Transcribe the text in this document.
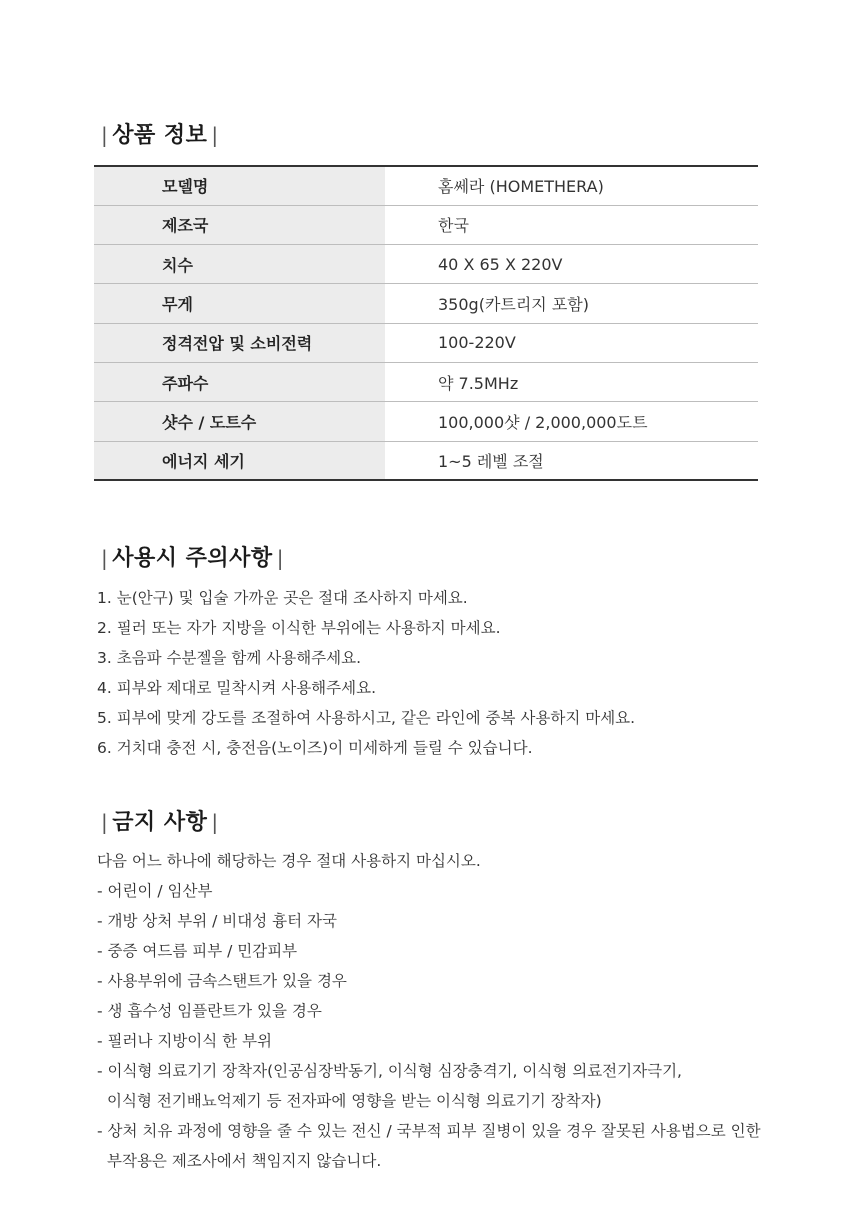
| 상품 정보 |
모델명	홈쎄라 (HOMETHERA)
제조국	한국
치수	40 X 65 X 220V
무게	350g(카트리지 포함)
정격전압 및 소비전력	100-220V
주파수	약 7.5MHz
샷수 / 도트수	100,000샷 / 2,000,000도트
에너지 세기	1~5 레벨 조절
| 사용시 주의사항 |
1. 눈(안구) 및 입술 가까운 곳은 절대 조사하지 마세요.
2. 필러 또는 자가 지방을 이식한 부위에는 사용하지 마세요.
3. 초음파 수분젤을 함께 사용해주세요.
4. 피부와 제대로 밀착시켜 사용해주세요.
5. 피부에 맞게 강도를 조절하여 사용하시고, 같은 라인에 중복 사용하지 마세요.
6. 거치대 충전 시, 충전음(노이즈)이 미세하게 들릴 수 있습니다.
| 금지 사항 |
다음 어느 하나에 해당하는 경우 절대 사용하지 마십시오.
- 어린이 / 임산부
- 개방 상처 부위 / 비대성 흉터 자국
- 중증 여드름 피부 / 민감피부
- 사용부위에 금속스탠트가 있을 경우
- 생 흡수성 임플란트가 있을 경우
- 필러나 지방이식 한 부위
- 이식형 의료기기 장착자(인공심장박동기, 이식형 심장충격기, 이식형 의료전기자극기,
이식형 전기배뇨억제기 등 전자파에 영향을 받는 이식형 의료기기 장착자)
- 상처 치유 과정에 영향을 줄 수 있는 전신 / 국부적 피부 질병이 있을 경우 잘못된 사용법으로 인한
부작용은 제조사에서 책임지지 않습니다.
